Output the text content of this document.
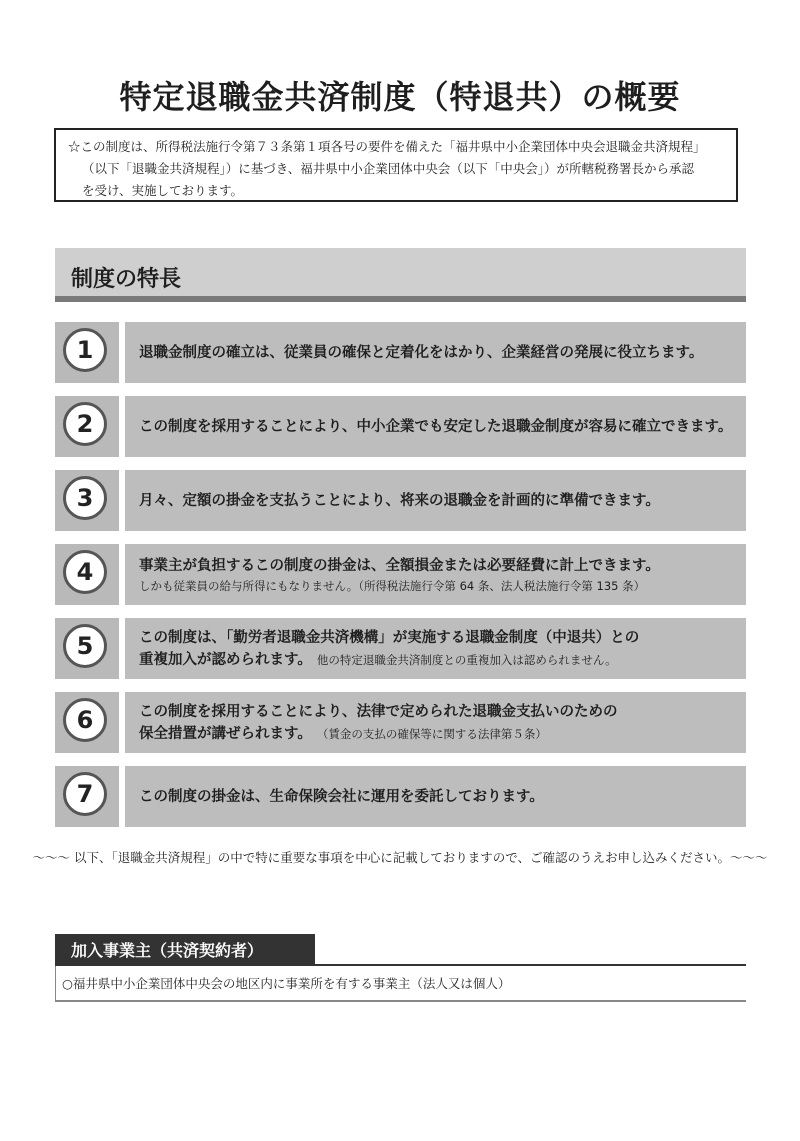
特定退職金共済制度（特退共）の概要
☆この制度は、所得税法施行令第７３条第１項各号の要件を備えた「福井県中小企業団体中央会退職金共済規程」
（以下「退職金共済規程」）に基づき、福井県中小企業団体中央会（以下「中央会」）が所轄税務署長から承認
を受け、実施しております。
制度の特長
1	退職金制度の確立は、従業員の確保と定着化をはかり、企業経営の発展に役立ちます。
2	この制度を採用することにより、中小企業でも安定した退職金制度が容易に確立できます。
3	月々、定額の掛金を支払うことにより、将来の退職金を計画的に準備できます。
4	事業主が負担するこの制度の掛金は、全額損金または必要経費に計上できます。
しかも従業員の給与所得にもなりません。（所得税法施行令第 64 条、法人税法施行令第 135 条）
5	この制度は、「勤労者退職金共済機構」が実施する退職金制度（中退共）との
重複加入が認められます。 他の特定退職金共済制度との重複加入は認められません。
6	この制度を採用することにより、法律で定められた退職金支払いのための
保全措置が講ぜられます。 （賃金の支払の確保等に関する法律第５条）
7	この制度の掛金は、生命保険会社に運用を委託しております。
～～～ 以下、「退職金共済規程」の中で特に重要な事項を中心に記載しておりますので、ご確認のうえお申し込みください。～～～
加入事業主（共済契約者）
○福井県中小企業団体中央会の地区内に事業所を有する事業主（法人又は個人）
